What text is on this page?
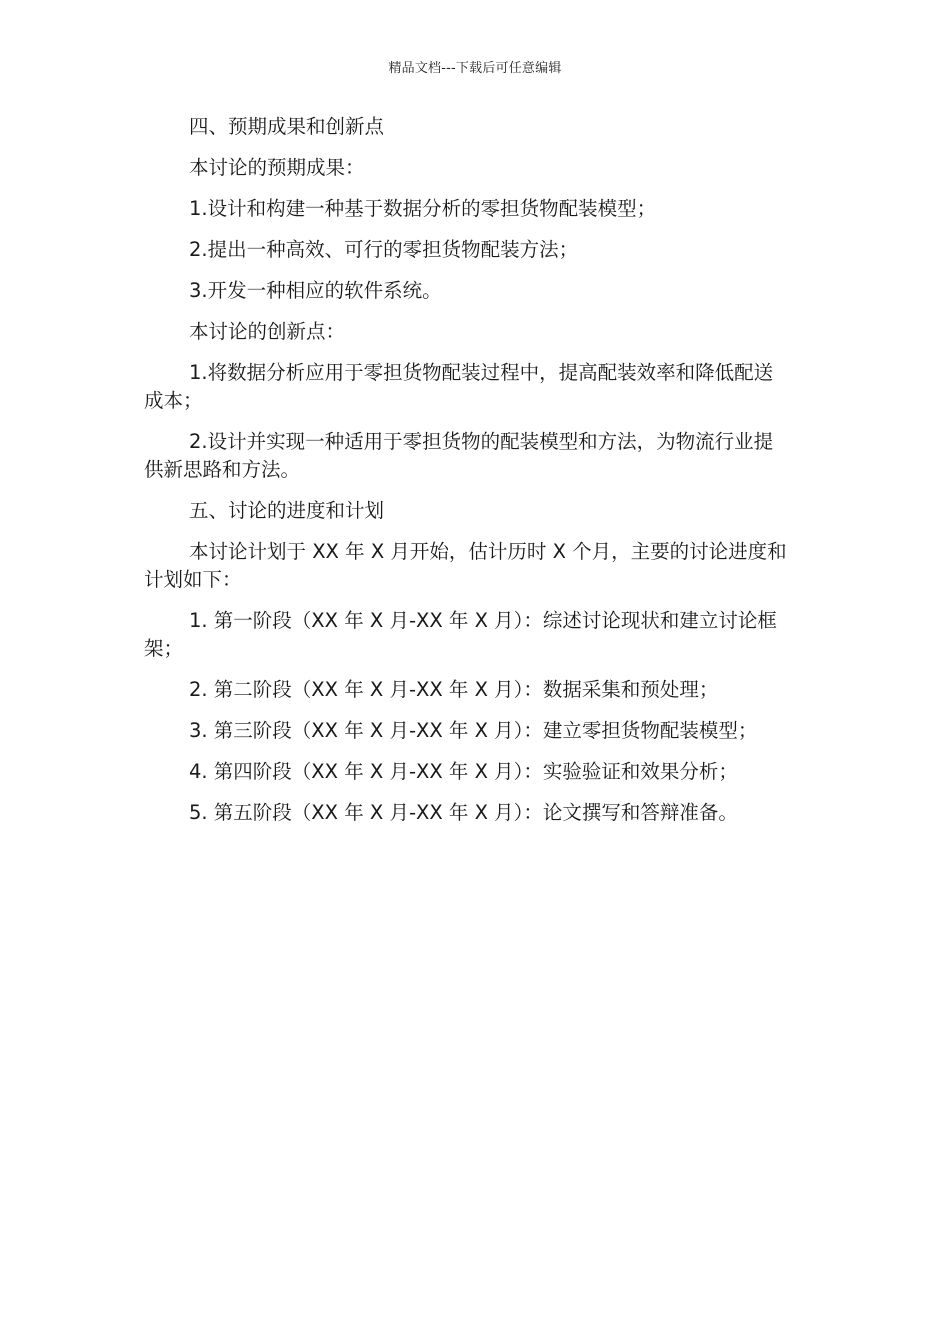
精品文档---下载后可任意编辑

四、预期成果和创新点

本讨论的预期成果：

1.设计和构建一种基于数据分析的零担货物配装模型；

2.提出一种高效、可行的零担货物配装方法；

3.开发一种相应的软件系统。

本讨论的创新点：

1.将数据分析应用于零担货物配装过程中，提高配装效率和降低配送成本；

2.设计并实现一种适用于零担货物的配装模型和方法，为物流行业提供新思路和方法。

五、讨论的进度和计划

本讨论计划于 XX 年 X 月开始，估计历时 X 个月，主要的讨论进度和计划如下：

1. 第一阶段（XX 年 X 月-XX 年 X 月）：综述讨论现状和建立讨论框架；

2. 第二阶段（XX 年 X 月-XX 年 X 月）：数据采集和预处理；

3. 第三阶段（XX 年 X 月-XX 年 X 月）：建立零担货物配装模型；

4. 第四阶段（XX 年 X 月-XX 年 X 月）：实验验证和效果分析；

5. 第五阶段（XX 年 X 月-XX 年 X 月）：论文撰写和答辩准备。
